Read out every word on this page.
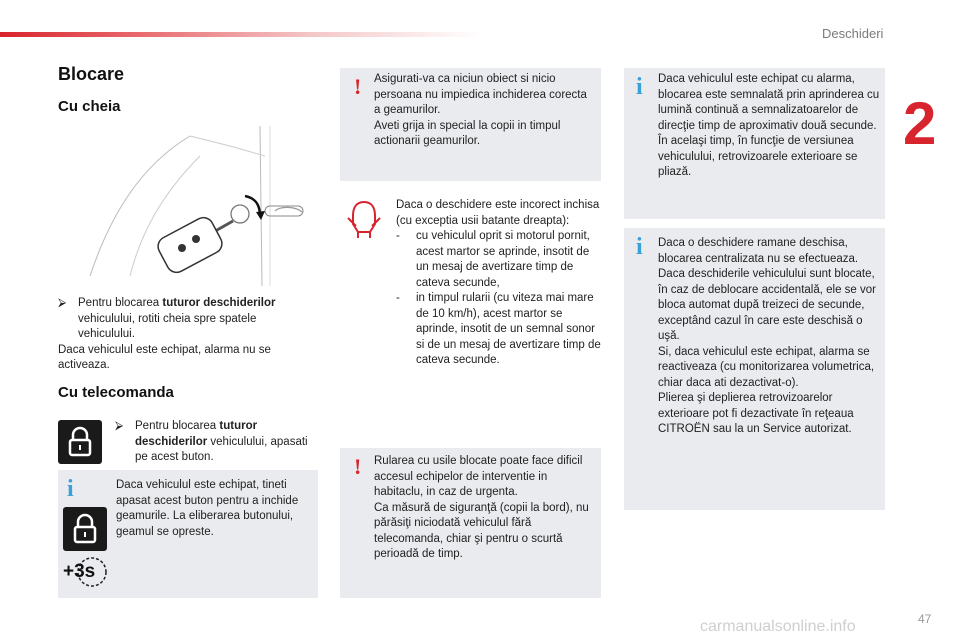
Deschideri
2
47
carmanualsonline.info
Blocare
Cu cheia
⮚ Pentru blocarea tuturor deschiderilor vehiculului, rotiti cheia spre spatele vehiculului.
Daca vehiculul este echipat, alarma nu se activeaza.
Cu telecomanda
⮚ Pentru blocarea tuturor deschiderilor vehiculului, apasati pe acest buton.
i
+3s
Daca vehiculul este echipat, tineti apasat acest buton pentru a inchide geamurile. La eliberarea butonului, geamul se opreste.
! Asigurati-va ca niciun obiect si nicio persoana nu impiedica inchiderea corecta a geamurilor.
Aveti grija in special la copii in timpul actionarii geamurilor.
Daca o deschidere este incorect inchisa (cu exceptia usii batante dreapta):
- cu vehiculul oprit si motorul pornit, acest martor se aprinde, insotit de un mesaj de avertizare timp de cateva secunde,
- in timpul rularii (cu viteza mai mare de 10 km/h), acest martor se aprinde, insotit de un semnal sonor si de un mesaj de avertizare timp de cateva secunde.
! Rularea cu usile blocate poate face dificil accesul echipelor de interventie in habitaclu, in caz de urgenta.
Ca măsură de siguranţă (copii la bord), nu părăsiţi niciodată vehiculul fără telecomanda, chiar şi pentru o scurtă perioadă de timp.
i Daca vehiculul este echipat cu alarma, blocarea este semnalată prin aprinderea cu lumină continuă a semnalizatoarelor de direcţie timp de aproximativ două secunde.
În acelaşi timp, în funcţie de versiunea vehiculului, retrovizoarele exterioare se pliază.
i Daca o deschidere ramane deschisa, blocarea centralizata nu se efectueaza.
Daca deschiderile vehiculului sunt blocate, în caz de deblocare accidentală, ele se vor bloca automat după treizeci de secunde, exceptând cazul în care este deschisă o uşă.
Si, daca vehiculul este echipat, alarma se reactiveaza (cu monitorizarea volumetrica, chiar daca ati dezactivat-o).
Plierea şi deplierea retrovizoarelor exterioare pot fi dezactivate în reţeaua CITROËN sau la un Service autorizat.
